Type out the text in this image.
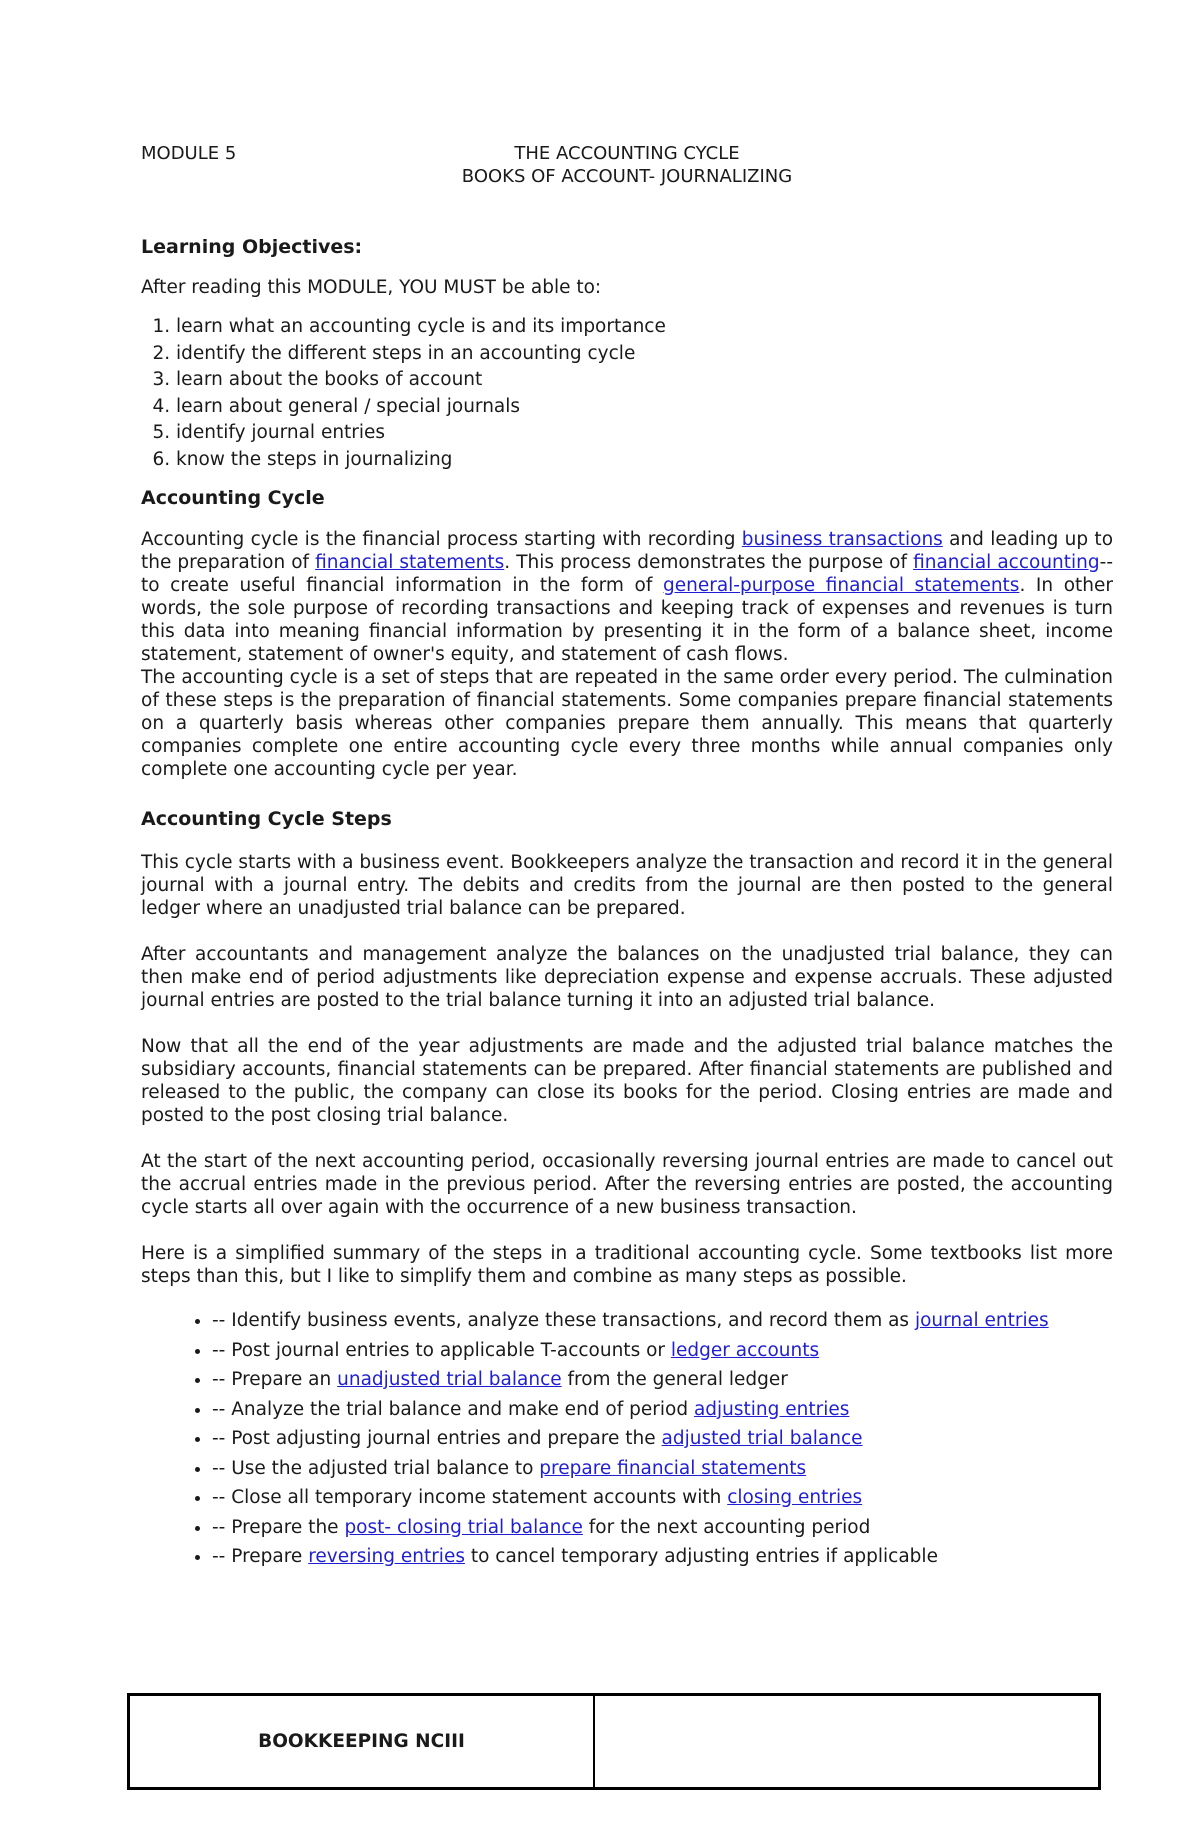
MODULE 5	THE ACCOUNTING CYCLE
BOOKS OF ACCOUNT- JOURNALIZING
Learning Objectives:

After reading this MODULE, YOU MUST be able to:

1. learn what an accounting cycle is and its importance
2. identify the different steps in an accounting cycle
3. learn about the books of account
4. learn about general / special journals
5. identify journal entries
6. know the steps in journalizing
Accounting Cycle

Accounting cycle is the financial process starting with recording business transactions and leading up to the preparation of financial statements. This process demonstrates the purpose of financial accounting--to create useful financial information in the form of general-purpose financial statements. In other words, the sole purpose of recording transactions and keeping track of expenses and revenues is turn this data into meaning financial information by presenting it in the form of a balance sheet, income statement, statement of owner's equity, and statement of cash flows.

The accounting cycle is a set of steps that are repeated in the same order every period. The culmination of these steps is the preparation of financial statements. Some companies prepare financial statements on a quarterly basis whereas other companies prepare them annually. This means that quarterly companies complete one entire accounting cycle every three months while annual companies only complete one accounting cycle per year.

Accounting Cycle Steps

This cycle starts with a business event. Bookkeepers analyze the transaction and record it in the general journal with a journal entry. The debits and credits from the journal are then posted to the general ledger where an unadjusted trial balance can be prepared.

After accountants and management analyze the balances on the unadjusted trial balance, they can then make end of period adjustments like depreciation expense and expense accruals. These adjusted journal entries are posted to the trial balance turning it into an adjusted trial balance.

Now that all the end of the year adjustments are made and the adjusted trial balance matches the subsidiary accounts, financial statements can be prepared. After financial statements are published and released to the public, the company can close its books for the period. Closing entries are made and posted to the post closing trial balance.

At the start of the next accounting period, occasionally reversing journal entries are made to cancel out the accrual entries made in the previous period. After the reversing entries are posted, the accounting cycle starts all over again with the occurrence of a new business transaction.

Here is a simplified summary of the steps in a traditional accounting cycle. Some textbooks list more steps than this, but I like to simplify them and combine as many steps as possible.

• -- Identify business events, analyze these transactions, and record them as journal entries
• -- Post journal entries to applicable T-accounts or ledger accounts
• -- Prepare an unadjusted trial balance from the general ledger
• -- Analyze the trial balance and make end of period adjusting entries
• -- Post adjusting journal entries and prepare the adjusted trial balance
• -- Use the adjusted trial balance to prepare financial statements
• -- Close all temporary income statement accounts with closing entries
• -- Prepare the post- closing trial balance for the next accounting period
• -- Prepare reversing entries to cancel temporary adjusting entries if applicable
BOOKKEEPING NCIII
